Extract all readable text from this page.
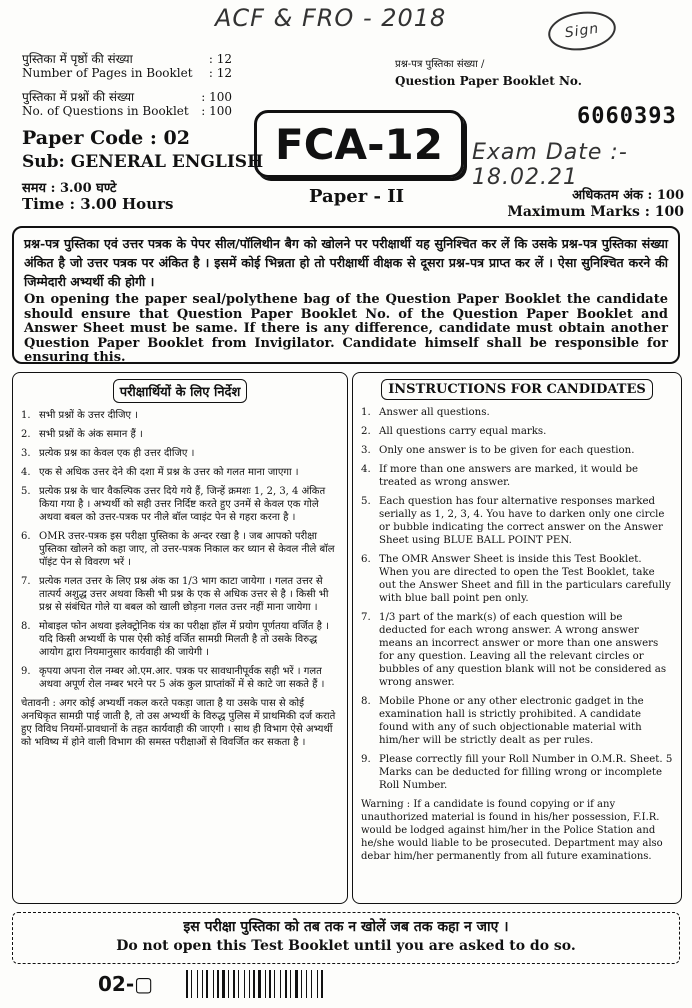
ACF & FRO - 2018	Sign
पुस्तिका में पृष्ठों की संख्या	: 12
Number of Pages in Booklet : 12
पुस्तिका में प्रश्नों की संख्या	: 100
No. of Questions in Booklet : 100
Paper Code : 02
Sub: GENERAL ENGLISH
समय : 3.00 घण्टे
Time : 3.00 Hours
प्रश्न-पत्र पुस्तिका संख्या /
Question Paper Booklet No.
6060393
FCA-12	Exam Date :- 18.02.21
Paper - II	अधिकतम अंक : 100
Maximum Marks : 100
प्रश्न-पत्र पुस्तिका एवं उत्तर पत्रक के पेपर सील/पॉलिथीन बैग को खोलने पर परीक्षार्थी यह सुनिश्चित कर लें कि उसके प्रश्न-पत्र पुस्तिका संख्या अंकित है जो उत्तर पत्रक पर अंकित है । इसमें कोई भिन्नता हो तो परीक्षार्थी वीक्षक से दूसरा प्रश्न-पत्र प्राप्त कर लें । ऐसा सुनिश्चित करने की जिम्मेदारी अभ्यर्थी की होगी ।
On opening the paper seal/polythene bag of the Question Paper Booklet the candidate should ensure that Question Paper Booklet No. of the Question Paper Booklet and Answer Sheet must be same. If there is any difference, candidate must obtain another Question Paper Booklet from Invigilator. Candidate himself shall be responsible for ensuring this.
परीक्षार्थियों के लिए निर्देश
1. सभी प्रश्नों के उत्तर दीजिए ।
2. सभी प्रश्नों के अंक समान हैं ।
3. प्रत्येक प्रश्न का केवल एक ही उत्तर दीजिए ।
4. एक से अधिक उत्तर देने की दशा में प्रश्न के उत्तर को गलत माना जाएगा ।
5. प्रत्येक प्रश्न के चार वैकल्पिक उत्तर दिये गये हैं, जिन्हें क्रमशः 1, 2, 3, 4 अंकित किया गया है । अभ्यर्थी को सही उत्तर निर्दिष्ट करते हुए उनमें से केवल एक गोले अथवा बबल को उत्तर-पत्रक पर नीले बॉल प्वाइंट पेन से गहरा करना है ।
6. OMR उत्तर-पत्रक इस परीक्षा पुस्तिका के अन्दर रखा है । जब आपको परीक्षा पुस्तिका खोलने को कहा जाए, तो उत्तर-पत्रक निकाल कर ध्यान से केवल नीले बॉल पॉइंट पेन से विवरण भरें ।
7. प्रत्येक गलत उत्तर के लिए प्रश्न अंक का 1/3 भाग काटा जायेगा । गलत उत्तर से तात्पर्य अशुद्ध उत्तर अथवा किसी भी प्रश्न के एक से अधिक उत्तर से है । किसी भी प्रश्न से संबंधित गोले या बबल को खाली छोड़ना गलत उत्तर नहीं माना जायेगा ।
8. मोबाइल फोन अथवा इलेक्ट्रोनिक यंत्र का परीक्षा हॉल में प्रयोग पूर्णतया वर्जित है । यदि किसी अभ्यर्थी के पास ऐसी कोई वर्जित सामग्री मिलती है तो उसके विरुद्ध आयोग द्वारा नियमानुसार कार्यवाही की जायेगी ।
9. कृपया अपना रोल नम्बर ओ.एम.आर. पत्रक पर सावधानीपूर्वक सही भरें । गलत अथवा अपूर्ण रोल नम्बर भरने पर 5 अंक कुल प्राप्तांकों में से काटे जा सकते हैं ।
चेतावनी : अगर कोई अभ्यर्थी नकल करते पकड़ा जाता है या उसके पास से कोई अनधिकृत सामग्री पाई जाती है, तो उस अभ्यर्थी के विरुद्ध पुलिस में प्राथमिकी दर्ज कराते हुए विविध नियमों-प्रावधानों के तहत कार्यवाही की जाएगी । साथ ही विभाग ऐसे अभ्यर्थी को भविष्य में होने वाली विभाग की समस्त परीक्षाओं से विवर्जित कर सकता है ।
INSTRUCTIONS FOR CANDIDATES
1. Answer all questions.
2. All questions carry equal marks.
3. Only one answer is to be given for each question.
4. If more than one answers are marked, it would be treated as wrong answer.
5. Each question has four alternative responses marked serially as 1, 2, 3, 4. You have to darken only one circle or bubble indicating the correct answer on the Answer Sheet using BLUE BALL POINT PEN.
6. The OMR Answer Sheet is inside this Test Booklet. When you are directed to open the Test Booklet, take out the Answer Sheet and fill in the particulars carefully with blue ball point pen only.
7. 1/3 part of the mark(s) of each question will be deducted for each wrong answer. A wrong answer means an incorrect answer or more than one answers for any question. Leaving all the relevant circles or bubbles of any question blank will not be considered as wrong answer.
8. Mobile Phone or any other electronic gadget in the examination hall is strictly prohibited. A candidate found with any of such objectionable material with him/her will be strictly dealt as per rules.
9. Please correctly fill your Roll Number in O.M.R. Sheet. 5 Marks can be deducted for filling wrong or incomplete Roll Number.
Warning : If a candidate is found copying or if any unauthorized material is found in his/her possession, F.I.R. would be lodged against him/her in the Police Station and he/she would liable to be prosecuted. Department may also debar him/her permanently from all future examinations.
इस परीक्षा पुस्तिका को तब तक न खोलें जब तक कहा न जाए ।
Do not open this Test Booklet until you are asked to do so.
02-▢
